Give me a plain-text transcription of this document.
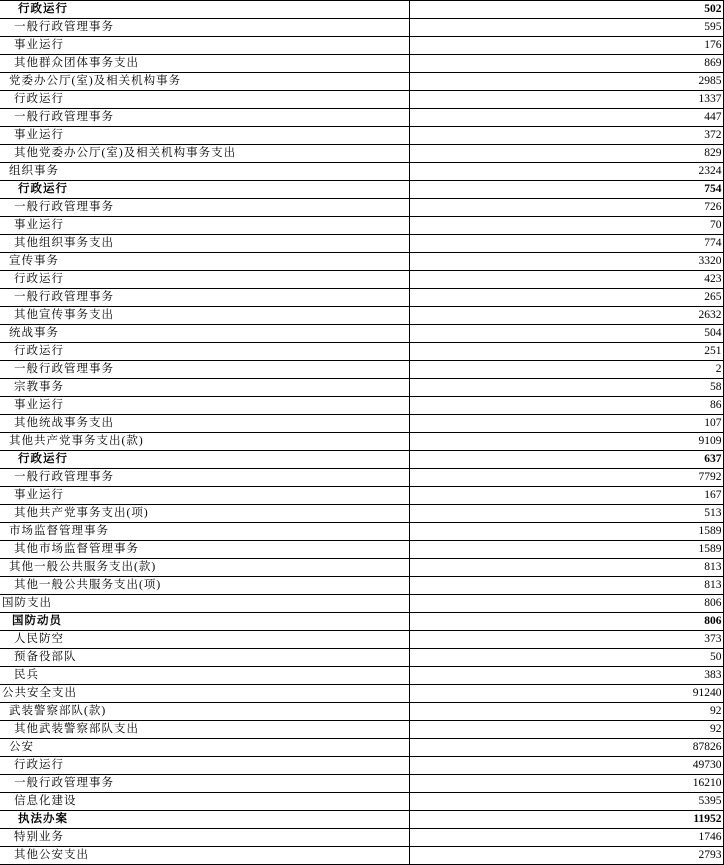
行政运行	502
一般行政管理事务	595
事业运行	176
其他群众团体事务支出	869
党委办公厅(室)及相关机构事务	2985
行政运行	1337
一般行政管理事务	447
事业运行	372
其他党委办公厅(室)及相关机构事务支出	829
组织事务	2324
行政运行	754
一般行政管理事务	726
事业运行	70
其他组织事务支出	774
宣传事务	3320
行政运行	423
一般行政管理事务	265
其他宣传事务支出	2632
统战事务	504
行政运行	251
一般行政管理事务	2
宗教事务	58
事业运行	86
其他统战事务支出	107
其他共产党事务支出(款)	9109
行政运行	637
一般行政管理事务	7792
事业运行	167
其他共产党事务支出(项)	513
市场监督管理事务	1589
其他市场监督管理事务	1589
其他一般公共服务支出(款)	813
其他一般公共服务支出(项)	813
国防支出	806
国防动员	806
人民防空	373
预备役部队	50
民兵	383
公共安全支出	91240
武装警察部队(款)	92
其他武装警察部队支出	92
公安	87826
行政运行	49730
一般行政管理事务	16210
信息化建设	5395
执法办案	11952
特别业务	1746
其他公安支出	2793
